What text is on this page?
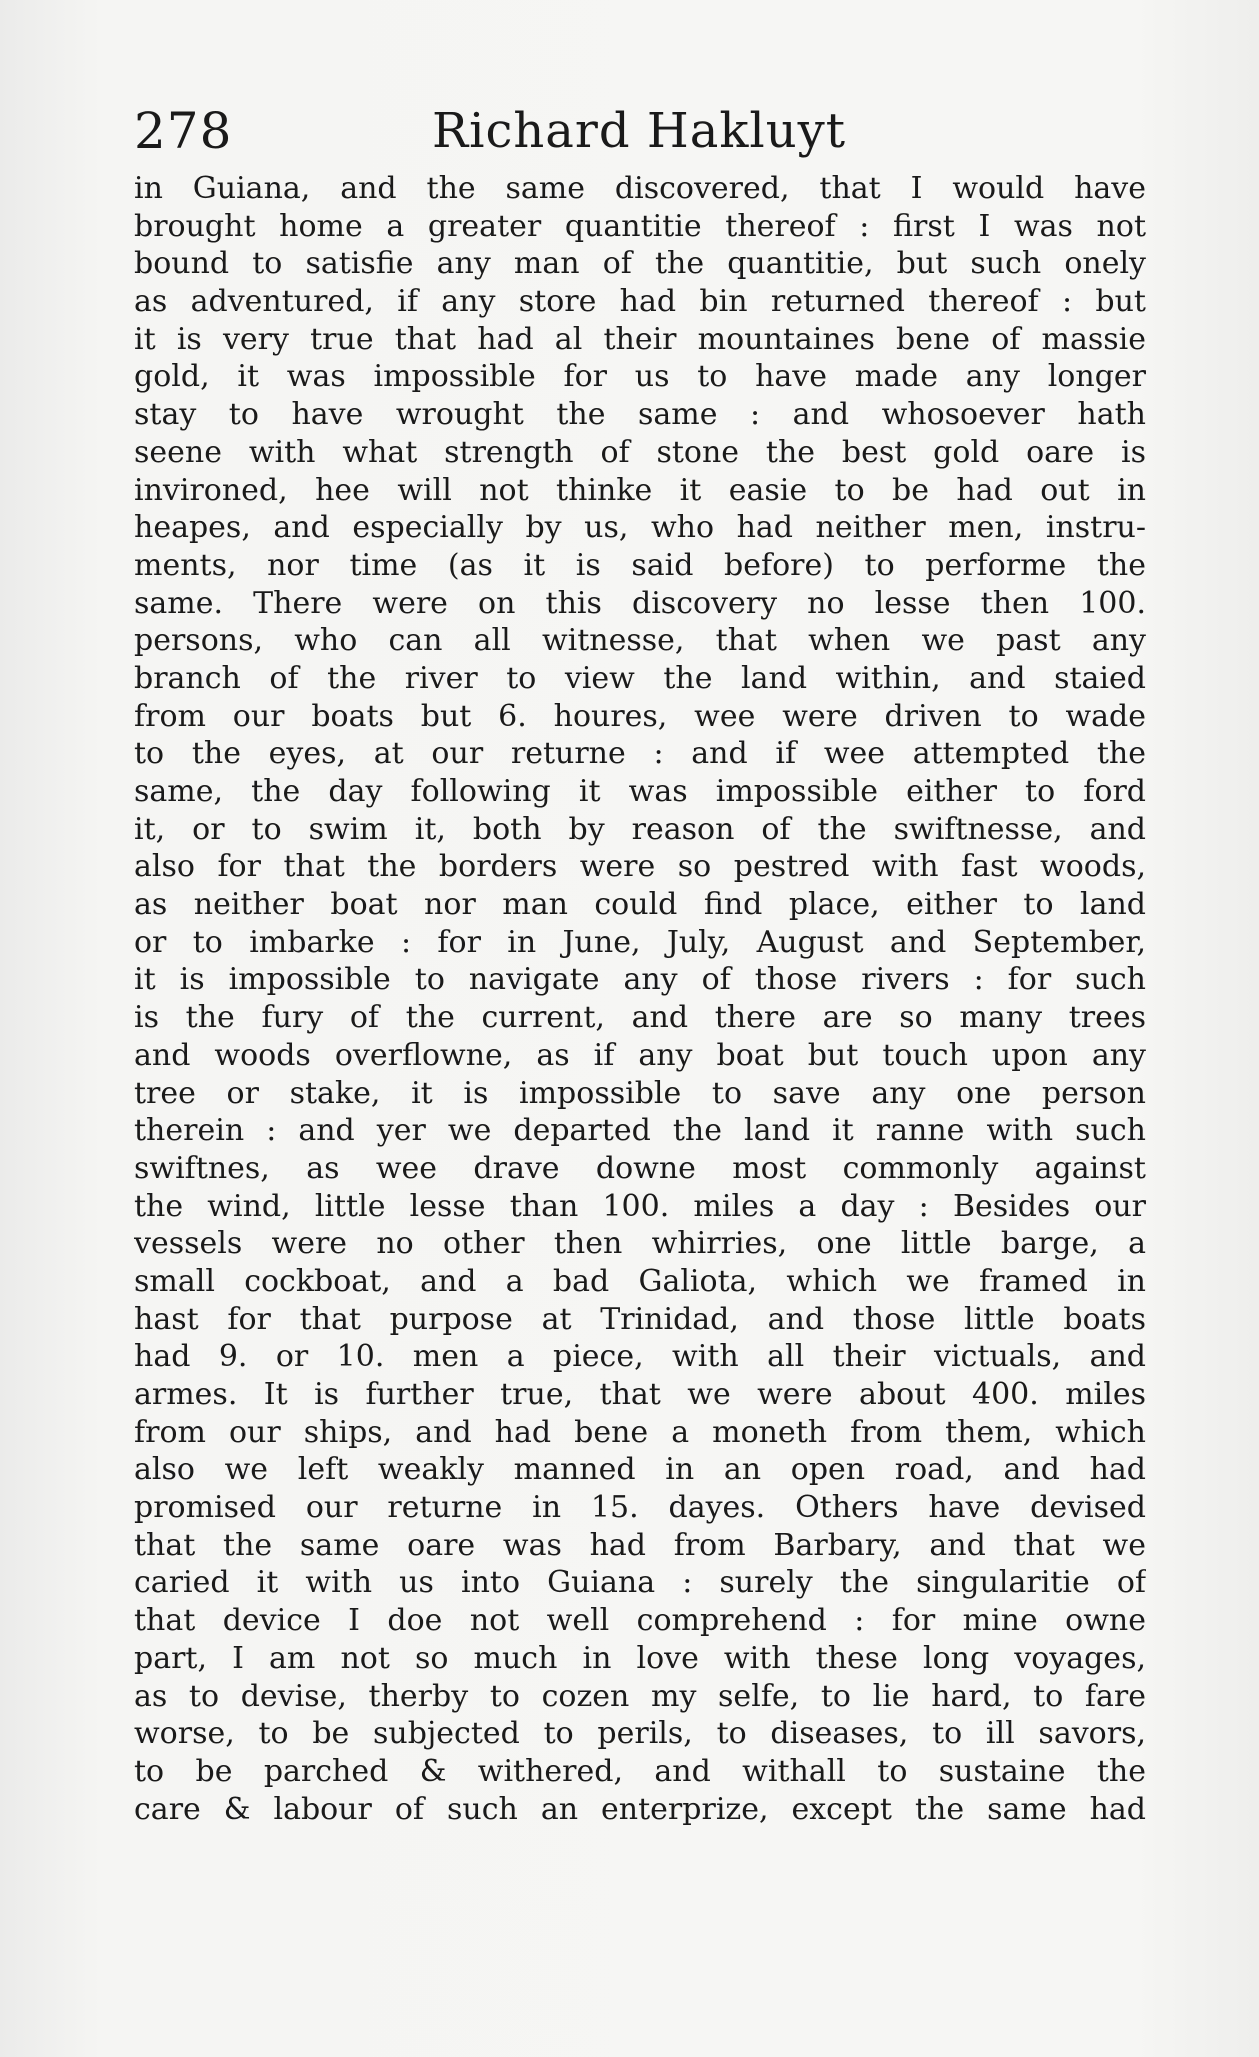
278	Richard Hakluyt
in Guiana, and the same discovered, that I would have
brought home a greater quantitie thereof : first I was not
bound to satisfie any man of the quantitie, but such onely
as adventured, if any store had bin returned thereof : but
it is very true that had al their mountaines bene of massie
gold, it was impossible for us to have made any longer
stay to have wrought the same : and whosoever hath
seene with what strength of stone the best gold oare is
invironed, hee will not thinke it easie to be had out in
heapes, and especially by us, who had neither men, instru-
ments, nor time (as it is said before) to performe the
same. There were on this discovery no lesse then 100.
persons, who can all witnesse, that when we past any
branch of the river to view the land within, and staied
from our boats but 6. houres, wee were driven to wade
to the eyes, at our returne : and if wee attempted the
same, the day following it was impossible either to ford
it, or to swim it, both by reason of the swiftnesse, and
also for that the borders were so pestred with fast woods,
as neither boat nor man could find place, either to land
or to imbarke : for in June, July, August and September,
it is impossible to navigate any of those rivers : for such
is the fury of the current, and there are so many trees
and woods overflowne, as if any boat but touch upon any
tree or stake, it is impossible to save any one person
therein : and yer we departed the land it ranne with such
swiftnes, as wee drave downe most commonly against
the wind, little lesse than 100. miles a day : Besides our
vessels were no other then whirries, one little barge, a
small cockboat, and a bad Galiota, which we framed in
hast for that purpose at Trinidad, and those little boats
had 9. or 10. men a piece, with all their victuals, and
armes. It is further true, that we were about 400. miles
from our ships, and had bene a moneth from them, which
also we left weakly manned in an open road, and had
promised our returne in 15. dayes. Others have devised
that the same oare was had from Barbary, and that we
caried it with us into Guiana : surely the singularitie of
that device I doe not well comprehend : for mine owne
part, I am not so much in love with these long voyages,
as to devise, therby to cozen my selfe, to lie hard, to fare
worse, to be subjected to perils, to diseases, to ill savors,
to be parched & withered, and withall to sustaine the
care & labour of such an enterprize, except the same had
